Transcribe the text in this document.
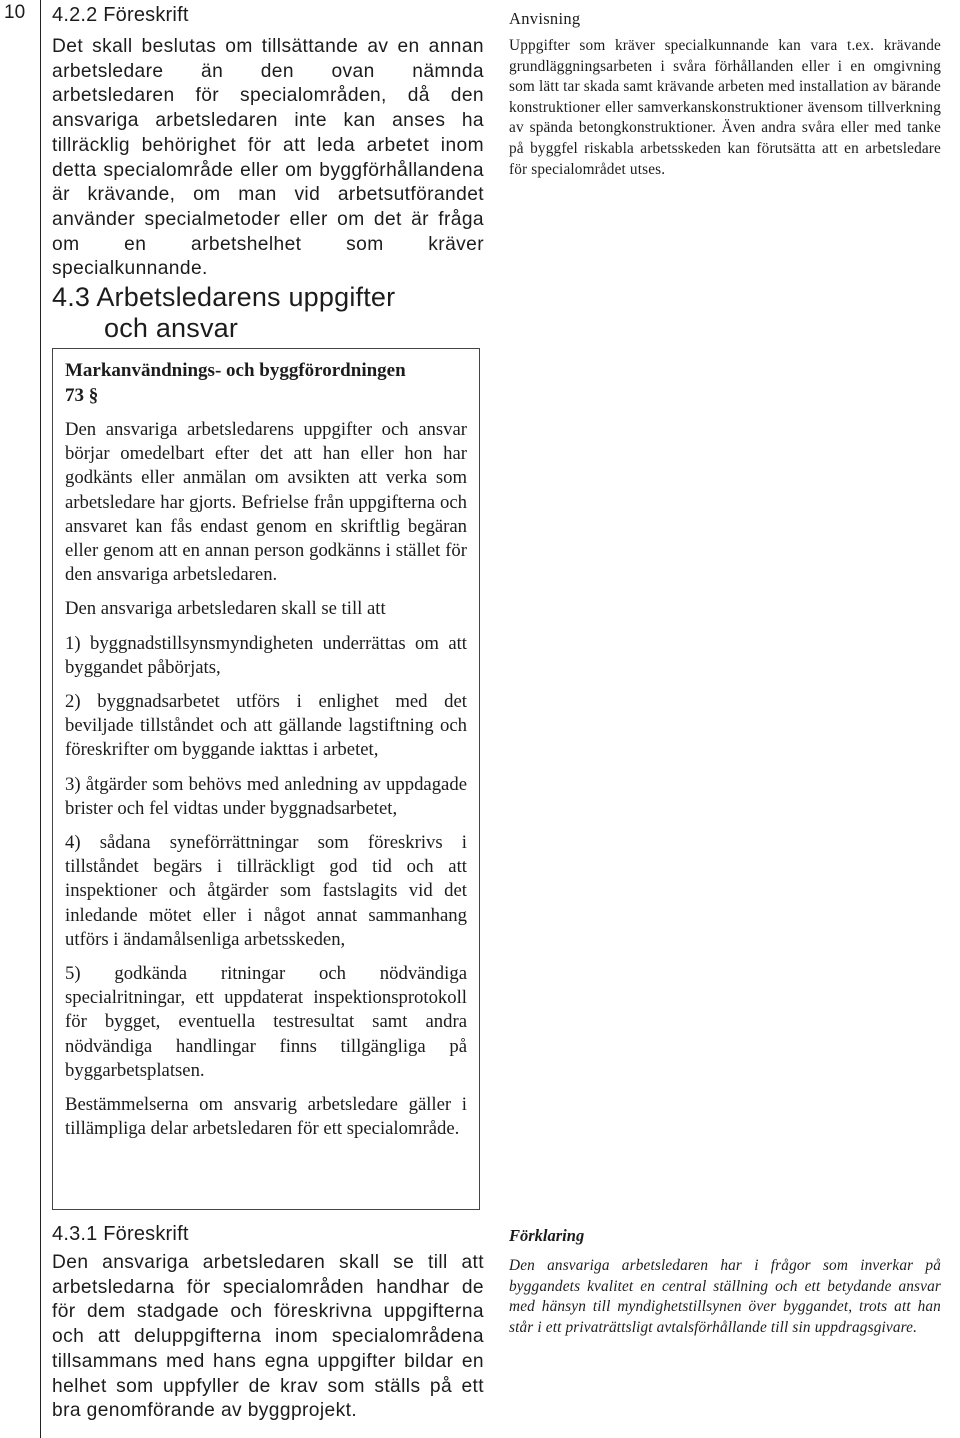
10 4.2.2 Föreskrift
Det skall beslutas om tillsättande av en annan arbetsledare än den ovan nämnda arbetsledaren för specialområden, då den ansvariga arbetsledaren inte kan anses ha tillräcklig behörighet för att leda arbetet inom detta specialområde eller om byggförhållandena är krävande, om man vid arbetsutförandet använder specialmetoder eller om det är fråga om en arbetshelhet som kräver specialkunnande.
Anvisning
Uppgifter som kräver specialkunnande kan vara t.ex. krävande grundläggningsarbeten i svåra förhållanden eller i en omgivning som lätt tar skada samt krävande arbeten med installation av bärande konstruktioner eller samverkanskonstruktioner ävensom tillverkning av spända betongkonstruktioner. Även andra svåra eller med tanke på byggfel riskabla arbetsskeden kan förutsätta att en arbetsledare för specialområdet utses.
4.3 Arbetsledarens uppgifter
och ansvar

Markanvändnings- och byggförordningen

73 §

Den ansvariga arbetsledarens uppgifter och ansvar börjar omedelbart efter det att han eller hon har godkänts eller anmälan om avsikten att verka som arbetsledare har gjorts. Befrielse från uppgifterna och ansvaret kan fås endast genom en skriftlig begäran eller genom att en annan person godkänns i stället för den ansvariga arbetsledaren.

Den ansvariga arbetsledaren skall se till att

1) byggnadstillsynsmyndigheten underrättas om att byggandet påbörjats,

2) byggnadsarbetet utförs i enlighet med det beviljade tillståndet och att gällande lagstiftning och föreskrifter om byggande iakttas i arbetet,

3) åtgärder som behövs med anledning av uppdagade brister och fel vidtas under byggnadsarbetet,

4) sådana syneförrättningar som föreskrivs i tillståndet begärs i tillräckligt god tid och att inspektioner och åtgärder som fastslagits vid det inledande mötet eller i något annat sammanhang utförs i ändamålsenliga arbetsskeden,

5) godkända ritningar och nödvändiga specialritningar, ett uppdaterat inspektionsprotokoll för bygget, eventuella testresultat samt andra nödvändiga handlingar finns tillgängliga på byggarbetsplatsen.

Bestämmelserna om ansvarig arbetsledare gäller i tillämpliga delar arbetsledaren för ett specialområde.

4.3.1 Föreskrift
Den ansvariga arbetsledaren skall se till att arbetsledarna för specialområden handhar de för dem stadgade och föreskrivna uppgifterna och att deluppgifterna inom specialområdena tillsammans med hans egna uppgifter bildar en helhet som uppfyller de krav som ställs på ett bra genomförande av byggprojekt.
Förklaring
Den ansvariga arbetsledaren har i frågor som inverkar på byggandets kvalitet en central ställning och ett betydande ansvar med hänsyn till myndighetstillsynen över byggandet, trots att han står i ett privaträttsligt avtalsförhållande till sin uppdragsgivare.
